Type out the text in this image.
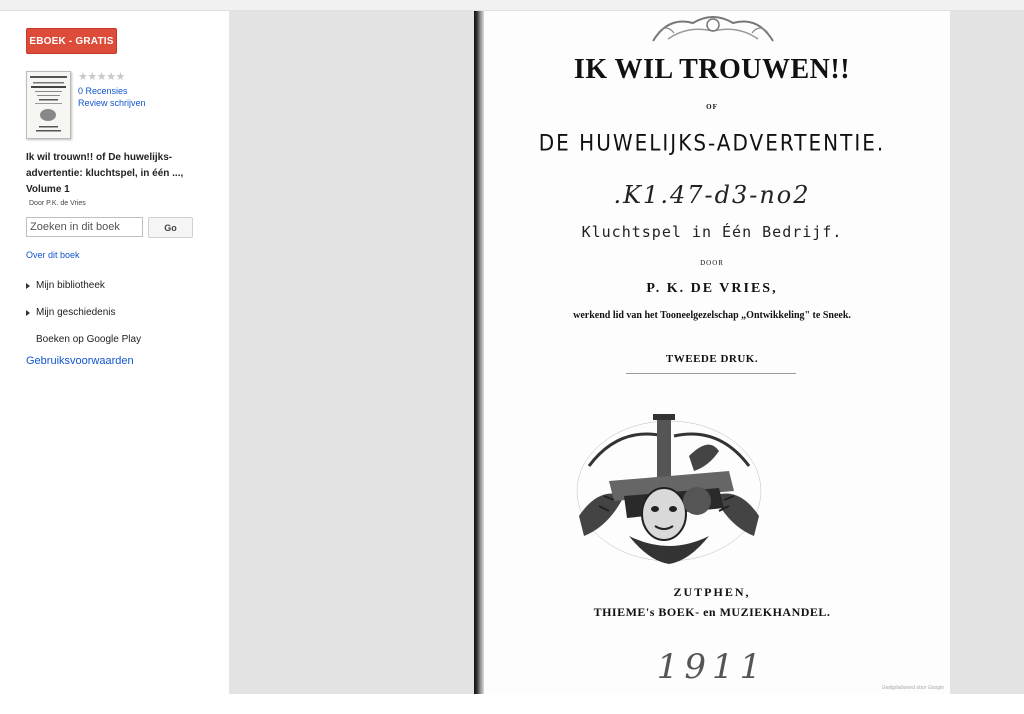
EBOEK - GRATIS
★★★★★
0 Recensies
Review schrijven
Ik wil trouwn!! of De huwelijks-advertentie: kluchtspel, in één ..., Volume 1
Door P.K. de Vries
Zoeken in dit boek
Go
Over dit boek
Mijn bibliotheek
Mijn geschiedenis
Boeken op Google Play
Gebruiksvoorwaarden
IK WIL TROUWEN!!
OF
DE HUWELIJKS-ADVERTENTIE.
.K1.47-d3-no2
Kluchtspel in Één Bedrijf.
DOOR
P. K. DE VRIES,
werkend lid van het Tooneelgezelschap „Ontwikkeling" te Sneek.
TWEEDE DRUK.
ZUTPHEN,
THIEME's BOEK- en MUZIEKHANDEL.
1911
Gedigitaliseerd door Google
